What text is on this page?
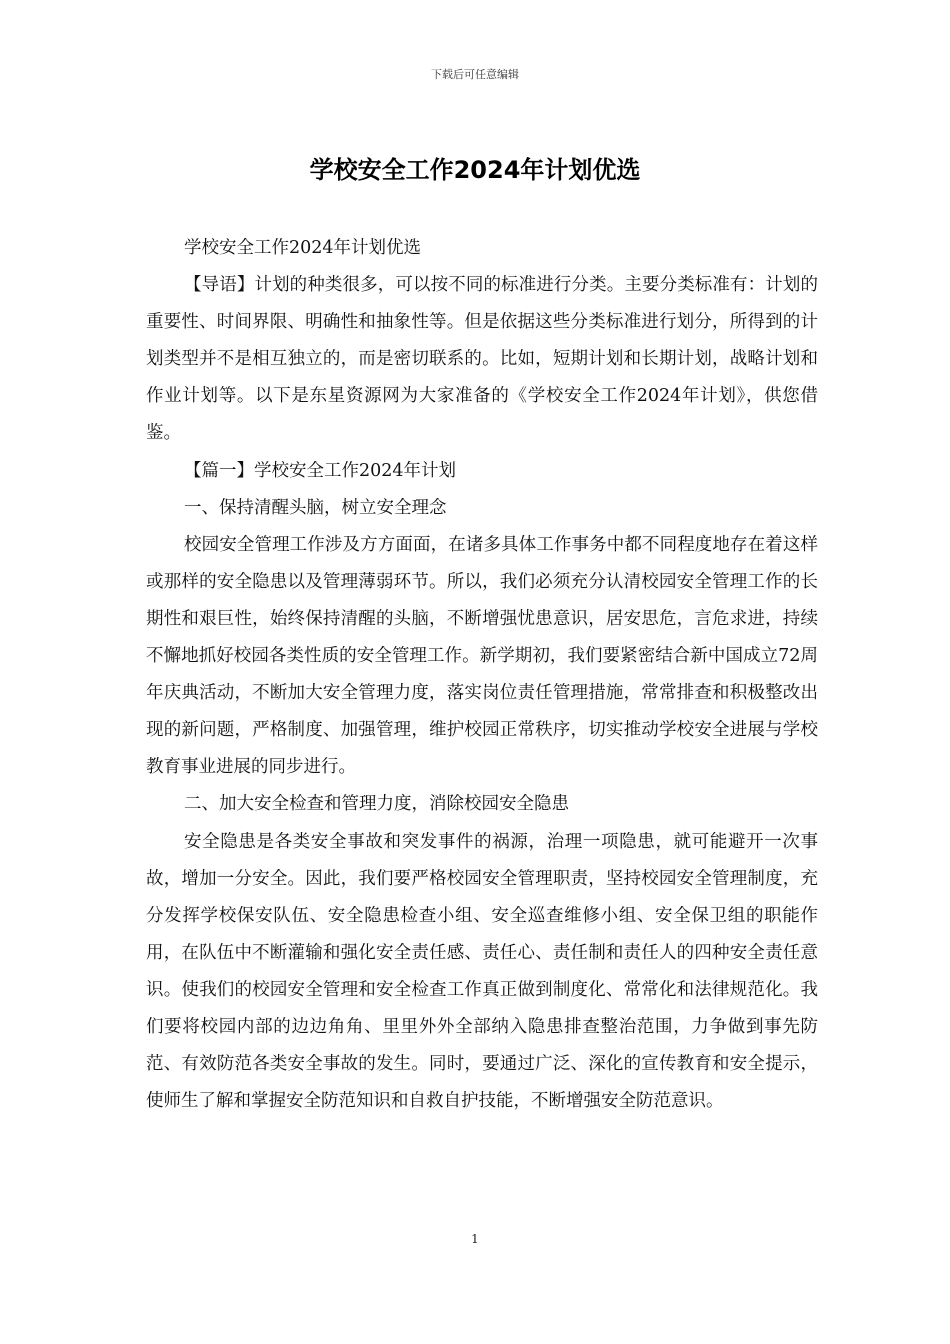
下载后可任意编辑
学校安全工作2024年计划优选

学校安全工作2024年计划优选

【导语】计划的种类很多，可以按不同的标准进行分类。主要分类标准有：计划的重要性、时间界限、明确性和抽象性等。但是依据这些分类标准进行划分，所得到的计划类型并不是相互独立的，而是密切联系的。比如，短期计划和长期计划，战略计划和作业计划等。以下是东星资源网为大家准备的《学校安全工作2024年计划》，供您借鉴。

【篇一】学校安全工作2024年计划

一、保持清醒头脑，树立安全理念

校园安全管理工作涉及方方面面，在诸多具体工作事务中都不同程度地存在着这样或那样的安全隐患以及管理薄弱环节。所以，我们必须充分认清校园安全管理工作的长期性和艰巨性，始终保持清醒的头脑，不断增强忧患意识，居安思危，言危求进，持续不懈地抓好校园各类性质的安全管理工作。新学期初，我们要紧密结合新中国成立72周年庆典活动，不断加大安全管理力度，落实岗位责任管理措施，常常排查和积极整改出现的新问题，严格制度、加强管理，维护校园正常秩序，切实推动学校安全进展与学校教育事业进展的同步进行。

二、加大安全检查和管理力度，消除校园安全隐患

安全隐患是各类安全事故和突发事件的祸源，治理一项隐患，就可能避开一次事故，增加一分安全。因此，我们要严格校园安全管理职责，坚持校园安全管理制度，充分发挥学校保安队伍、安全隐患检查小组、安全巡查维修小组、安全保卫组的职能作用，在队伍中不断灌输和强化安全责任感、责任心、责任制和责任人的四种安全责任意识。使我们的校园安全管理和安全检查工作真正做到制度化、常常化和法律规范化。我们要将校园内部的边边角角、里里外外全部纳入隐患排查整治范围，力争做到事先防范、有效防范各类安全事故的发生。同时，要通过广泛、深化的宣传教育和安全提示，使师生了解和掌握安全防范知识和自救自护技能，不断增强安全防范意识。

1
